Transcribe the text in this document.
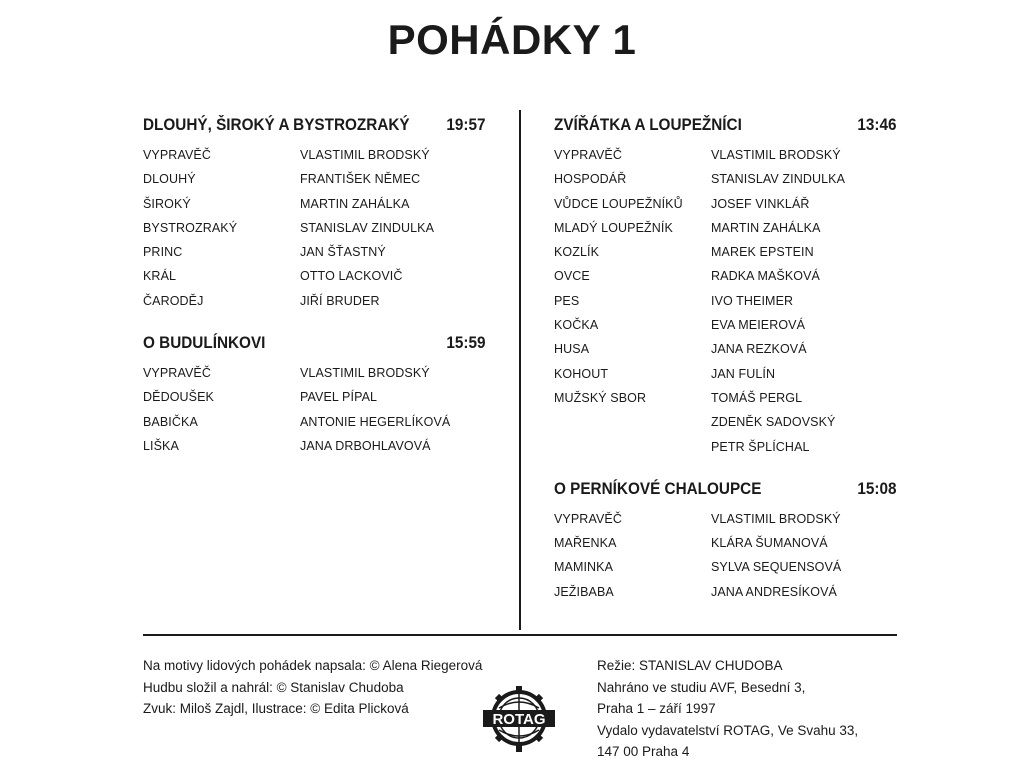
POHÁDKY 1
DLOUHÝ, ŠIROKÝ A BYSTROZRAKÝ 19:57
VYPRAVĚČ	VLASTIMIL BRODSKÝ
DLOUHÝ	FRANTIŠEK NĚMEC
ŠIROKÝ	MARTIN ZAHÁLKA
BYSTROZRAKÝ	STANISLAV ZINDULKA
PRINC	JAN ŠŤASTNÝ
KRÁL	OTTO LACKOVIČ
ČARODĚJ	JIŘÍ BRUDER
O BUDULÍNKOVI	15:59
VYPRAVĚČ	VLASTIMIL BRODSKÝ
DĚDOUŠEK	PAVEL PÍPAL
BABIČKA	ANTONIE HEGERLÍKOVÁ
LIŠKA	JANA DRBOHLAVOVÁ
ZVÍŘÁTKA A LOUPEŽNÍCI	13:46
VYPRAVĚČ	VLASTIMIL BRODSKÝ
HOSPODÁŘ	STANISLAV ZINDULKA
VŮDCE LOUPEŽNÍKŮ	JOSEF VINKLÁŘ
MLADÝ LOUPEŽNÍK	MARTIN ZAHÁLKA
KOZLÍK	MAREK EPSTEIN
OVCE	RADKA MAŠKOVÁ
PES	IVO THEIMER
KOČKA	EVA MEIEROVÁ
HUSA	JANA REZKOVÁ
KOHOUT	JAN FULÍN
MUŽSKÝ SBOR	TOMÁŠ PERGL
ZDENĚK SADOVSKÝ
PETR ŠPLÍCHAL
O PERNÍKOVÉ CHALOUPCE	15:08
VYPRAVĚČ	VLASTIMIL BRODSKÝ
MAŘENKA	KLÁRA ŠUMANOVÁ
MAMINKA	SYLVA SEQUENSOVÁ
JEŽIBABA	JANA ANDRESÍKOVÁ
Na motivy lidových pohádek napsala: © Alena Riegerová
Hudbu složil a nahrál: © Stanislav Chudoba
Zvuk: Miloš Zajdl, Ilustrace: © Edita Plicková
ROTAG
Režie: STANISLAV CHUDOBA
Nahráno ve studiu AVF, Besední 3,
Praha 1 – září 1997
Vydalo vydavatelství ROTAG, Ve Svahu 33,
147 00 Praha 4
